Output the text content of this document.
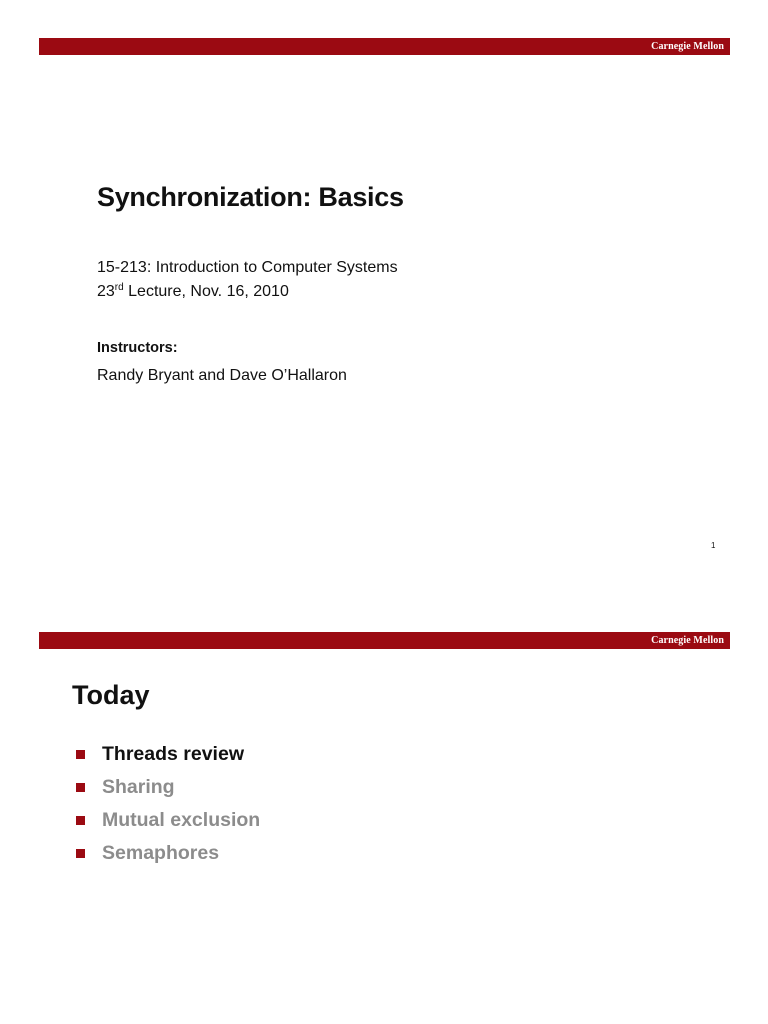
Carnegie Mellon
Synchronization: Basics
15-213: Introduction to Computer Systems
23rd Lecture, Nov. 16, 2010
Instructors:
Randy Bryant and Dave O’Hallaron
1
Carnegie Mellon
Today
Threads review
Sharing
Mutual exclusion
Semaphores
